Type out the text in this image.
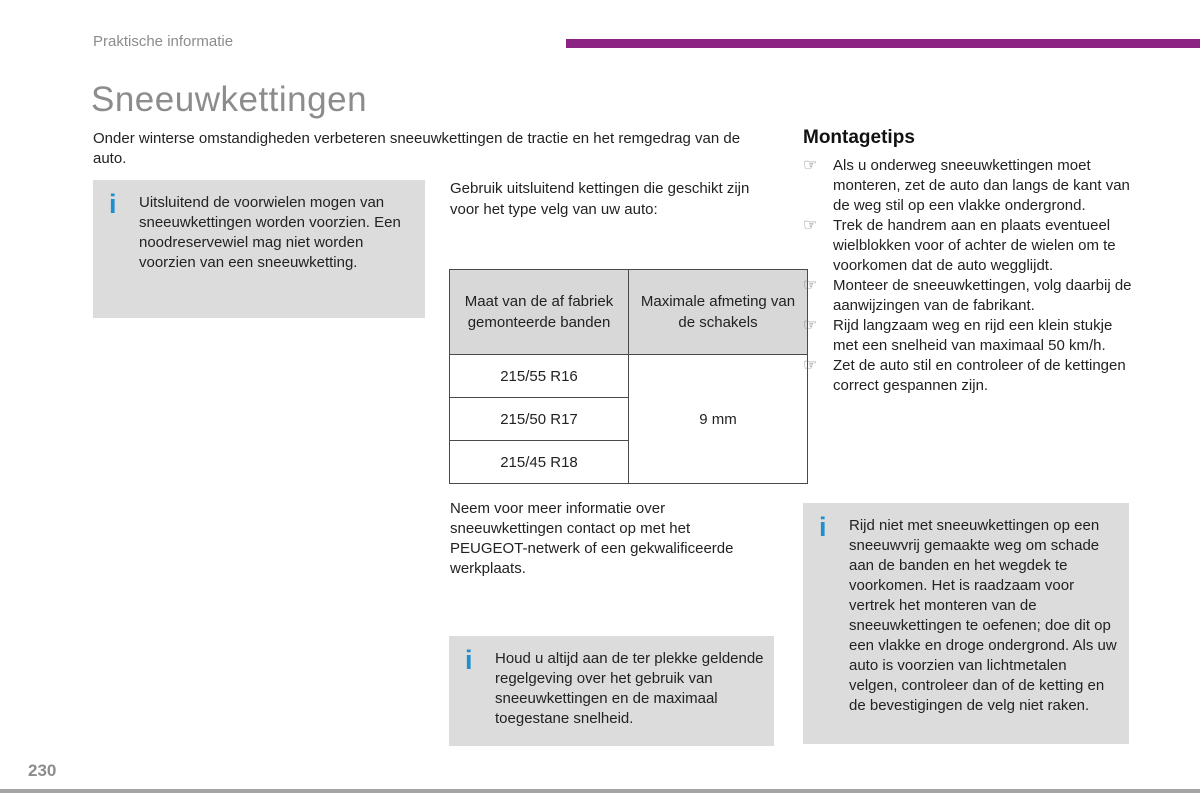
Praktische informatie
Sneeuwkettingen
Onder winterse omstandigheden verbeteren sneeuwkettingen de tractie en het remgedrag van de auto.
i	Uitsluitend de voorwielen mogen van sneeuwkettingen worden voorzien. Een noodreservewiel mag niet worden voorzien van een sneeuwketting.
Gebruik uitsluitend kettingen die geschikt zijn voor het type velg van uw auto:
Maat van de af fabriek gemonteerde banden	Maximale afmeting van de schakels
215/55 R16	9 mm
215/50 R17	
215/45 R18	
Neem voor meer informatie over sneeuwkettingen contact op met het PEUGEOT-netwerk of een gekwalificeerde werkplaats.
i	Houd u altijd aan de ter plekke geldende regelgeving over het gebruik van sneeuwkettingen en de maximaal toegestane snelheid.
Montagetips
☞	Als u onderweg sneeuwkettingen moet monteren, zet de auto dan langs de kant van de weg stil op een vlakke ondergrond.
☞	Trek de handrem aan en plaats eventueel wielblokken voor of achter de wielen om te voorkomen dat de auto wegglijdt.
☞	Monteer de sneeuwkettingen, volg daarbij de aanwijzingen van de fabrikant.
☞	Rijd langzaam weg en rijd een klein stukje met een snelheid van maximaal 50 km/h.
☞	Zet de auto stil en controleer of de kettingen correct gespannen zijn.
i	Rijd niet met sneeuwkettingen op een sneeuwvrij gemaakte weg om schade aan de banden en het wegdek te voorkomen. Het is raadzaam voor vertrek het monteren van de sneeuwkettingen te oefenen; doe dit op een vlakke en droge ondergrond. Als uw auto is voorzien van lichtmetalen velgen, controleer dan of de ketting en de bevestigingen de velg niet raken.
230
